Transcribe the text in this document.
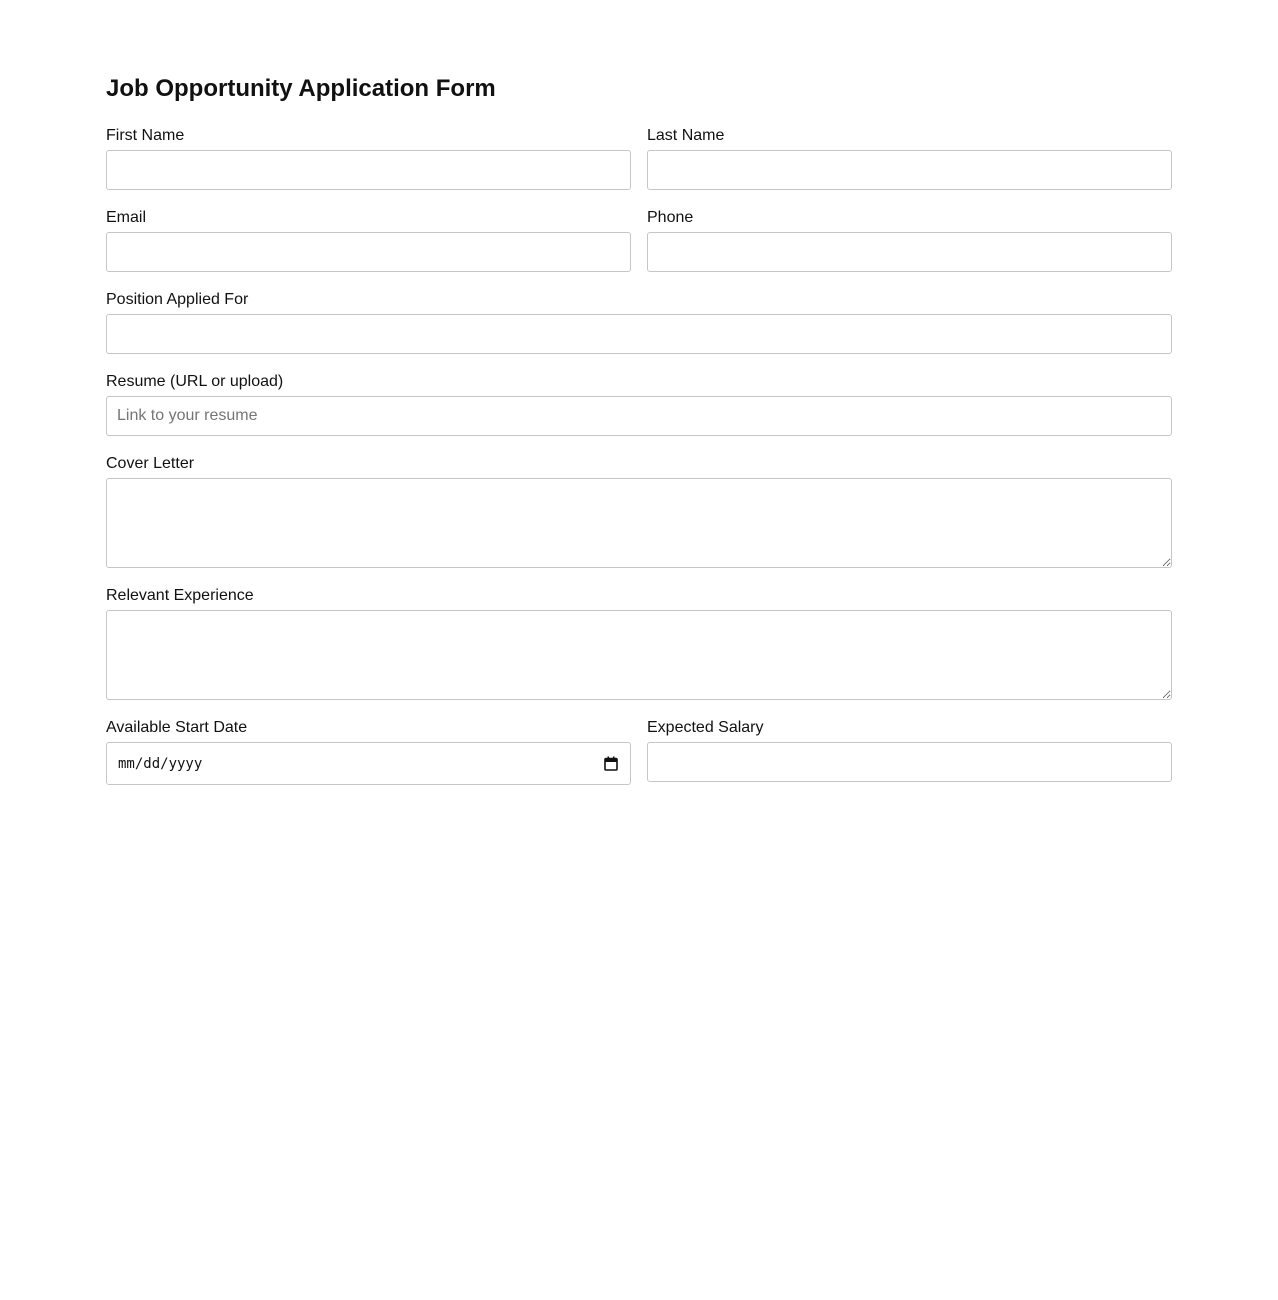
Job Opportunity Application Form
First Name	Last Name
Email	Phone
Position Applied For
Resume (URL or upload)
Link to your resume
Cover Letter
Relevant Experience
Available Start Date
mm/dd/yyyy
Expected Salary
